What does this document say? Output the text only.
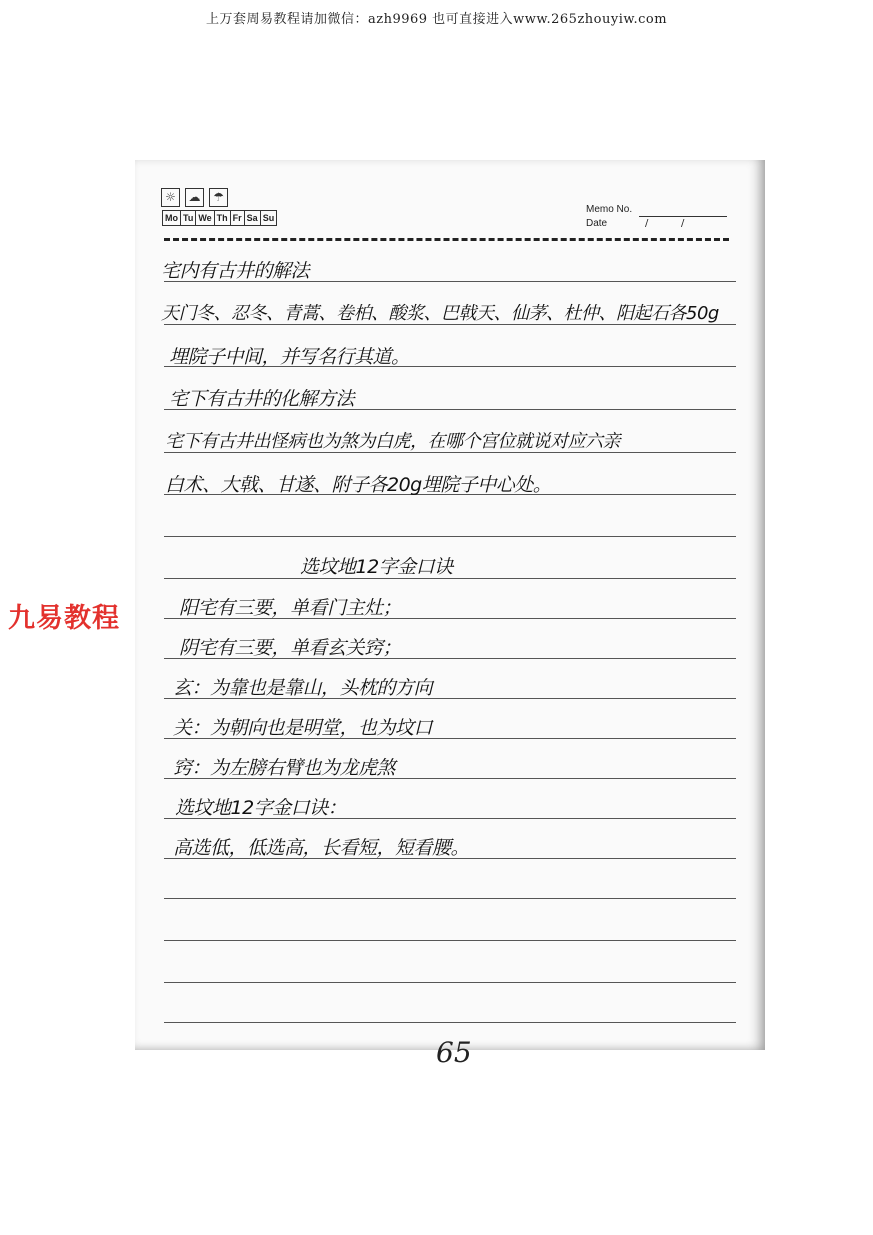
上万套周易教程请加微信：azh9969 也可直接进入www.265zhouyiw.com
九易教程
☼	☁	☂
Mo Tu We Th Fr Sa Su
Memo No.
Date	/	/
宅内有古井的解法
天门冬、忍冬、青蒿、卷柏、酸浆、巴戟天、仙茅、杜仲、阳起石各50g
埋院子中间，并写名行其道。
宅下有古井的化解方法
宅下有古井出怪病也为煞为白虎，在哪个宫位就说对应六亲
白术、大戟、甘遂、附子各20g埋院子中心处。
选坟地12字金口诀
阳宅有三要，单看门主灶；
阴宅有三要，单看玄关窍；
玄：为靠也是靠山，头枕的方向
关：为朝向也是明堂，也为坟口
窍：为左膀右臂也为龙虎煞
选坟地12字金口诀：
高选低，低选高，长看短，短看腰。
65
